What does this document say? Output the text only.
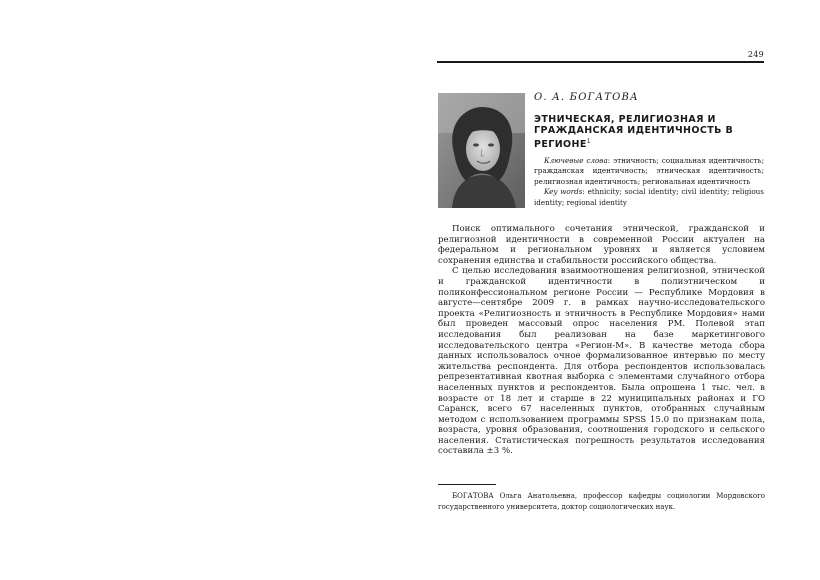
249
О. А. БОГАТОВА
ЭТНИЧЕСКАЯ, РЕЛИГИОЗНАЯ И ГРАЖДАНСКАЯ ИДЕНТИЧНОСТЬ В РЕГИОНЕ$^1$
Ключевые слова: этничность; социальная идентичность; гражданская идентичность; этническая идентичность; религиозная идентичность; региональная идентичность
Key words: ethnicity; social identity; civil identity; religious identity; regional identity

Поиск оптимального сочетания этнической, гражданской и религиозной идентичности в современной России актуален на федеральном и региональном уровнях и является условием сохранения единства и стабильности российского общества.

С целью исследования взаимоотношения религиозной, этнической и гражданской идентичности в полиэтническом и поликонфессиональном регионе России — Республике Мордовия в августе—сентябре 2009 г. в рамках научно-исследовательского проекта «Религиозность и этничность в Республике Мордовия» нами был проведен массовый опрос населения РМ. Полевой этап исследования был реализован на базе маркетингового исследовательского центра «Регион-М». В качестве метода сбора данных использовалось очное формализованное интервью по месту жительства респондента. Для отбора респондентов использовалась репрезентативная квотная выборка с элементами случайного отбора населенных пунктов и респондентов. Была опрошена 1 тыс. чел. в возрасте от 18 лет и старше в 22 муниципальных районах и ГО Саранск, всего 67 населенных пунктов, отобранных случайным методом с использованием программы SPSS 15.0 по признакам пола, возраста, уровня образования, соотношения городского и сельского населения. Статистическая погрешность результатов исследования составила ±3 %.

БОГАТОВА Ольга Анатольевна, профессор кафедры социологии Мордовского государственного университета, доктор социологических наук.
